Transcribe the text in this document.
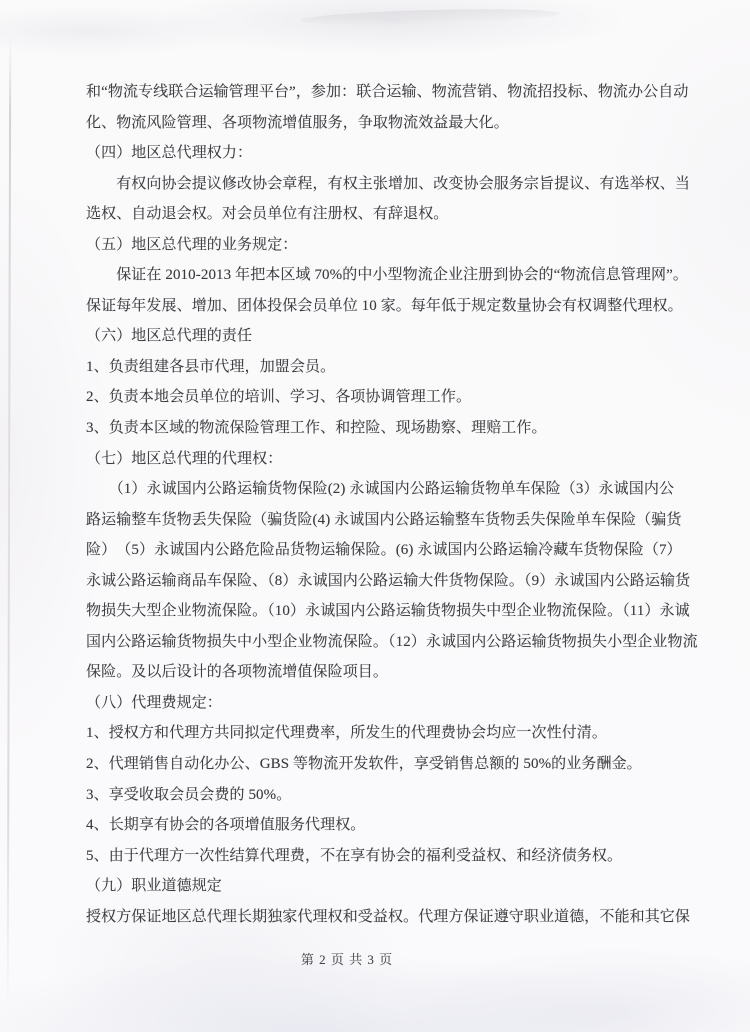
和“物流专线联合运输管理平台”，参加：联合运输、物流营销、物流招投标、物流办公自动
化、物流风险管理、各项物流增值服务，争取物流效益最大化。
（四）地区总代理权力：
　　有权向协会提议修改协会章程，有权主张增加、改变协会服务宗旨提议、有选举权、当
选权、自动退会权。对会员单位有注册权、有辞退权。
（五）地区总代理的业务规定：
　　保证在 2010-2013 年把本区域 70%的中小型物流企业注册到协会的“物流信息管理网”。
保证每年发展、增加、团体投保会员单位 10 家。每年低于规定数量协会有权调整代理权。
（六）地区总代理的责任
1、负责组建各县市代理，加盟会员。
2、负责本地会员单位的培训、学习、各项协调管理工作。
3、负责本区域的物流保险管理工作、和控险、现场勘察、理赔工作。
（七）地区总代理的代理权：
　　（1）永诚国内公路运输货物保险(2) 永诚国内公路运输货物单车保险（3）永诚国内公
路运输整车货物丢失保险（骗货险(4) 永诚国内公路运输整车货物丢失保险单车保险（骗货
险）　（5）永诚国内公路危险品货物运输保险。(6) 永诚国内公路运输冷藏车货物保险（7）
永诚公路运输商品车保险、（8）永诚国内公路运输大件货物保险。（9）永诚国内公路运输货
物损失大型企业物流保险。（10）永诚国内公路运输货物损失中型企业物流保险。（11）永诚
国内公路运输货物损失中小型企业物流保险。（12）永诚国内公路运输货物损失小型企业物流
保险。及以后设计的各项物流增值保险项目。
（八）代理费规定：
1、授权方和代理方共同拟定代理费率，所发生的代理费协会均应一次性付清。
2、代理销售自动化办公、GBS 等物流开发软件，享受销售总额的 50%的业务酬金。
3、享受收取会员会费的 50%。
4、长期享有协会的各项增值服务代理权。
5、由于代理方一次性结算代理费，不在享有协会的福利受益权、和经济债务权。
（九）职业道德规定
授权方保证地区总代理长期独家代理权和受益权。代理方保证遵守职业道德，不能和其它保
第 2 页 共 3 页
